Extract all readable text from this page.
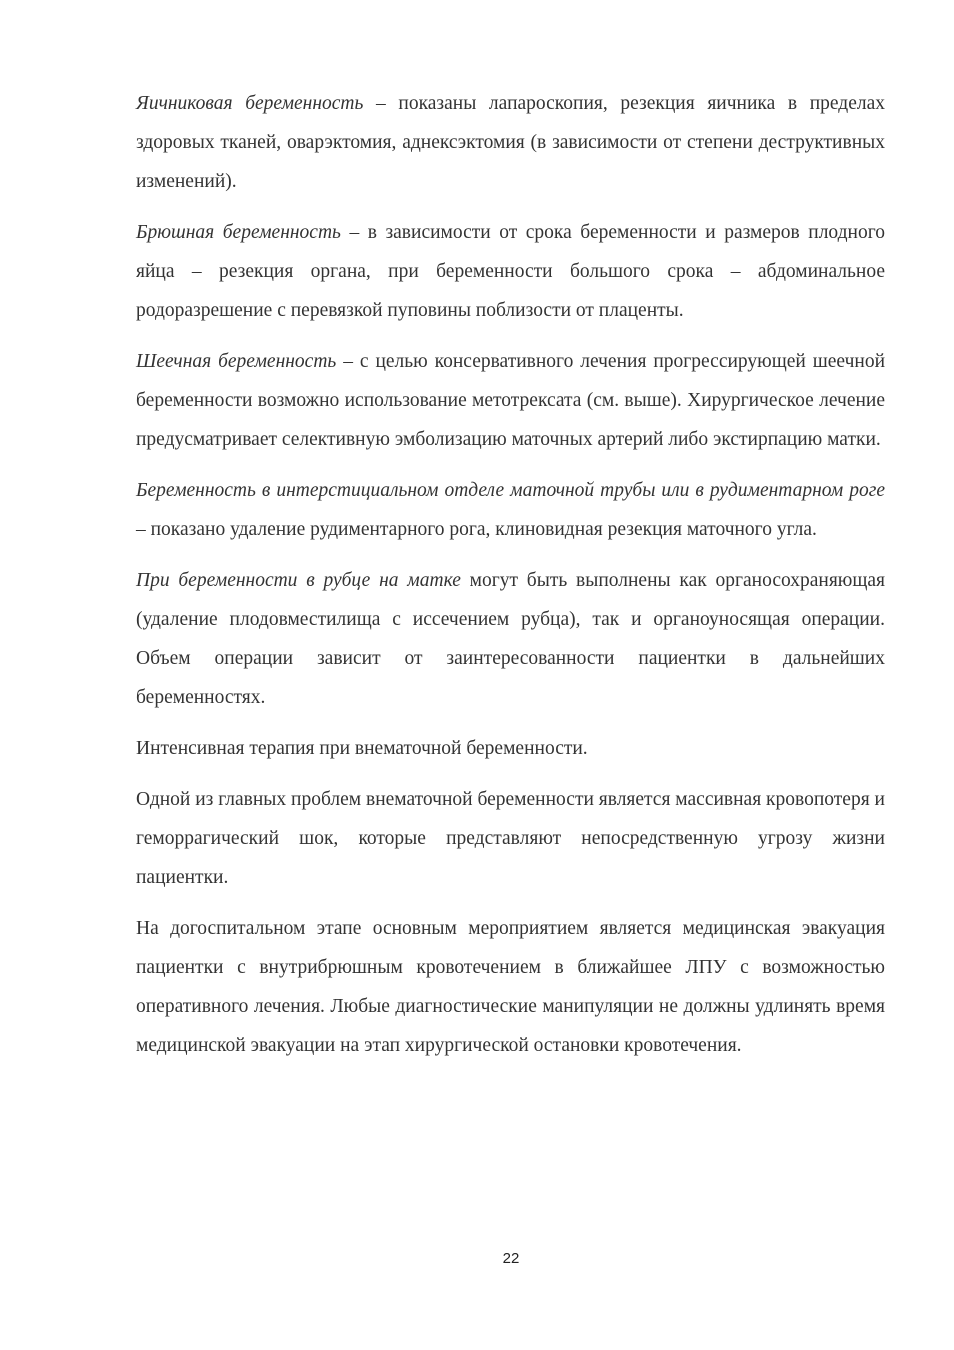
Яичниковая беременность – показаны лапароскопия, резекция яичника в пределах здоровых тканей, оварэктомия, аднексэктомия (в зависимости от степени деструктивных изменений).

Брюшная беременность – в зависимости от срока беременности и размеров плодного яйца – резекция органа, при беременности большого срока – абдоминальное родоразрешение с перевязкой пуповины поблизости от плаценты.

Шеечная беременность – с целью консервативного лечения прогрессирующей шеечной беременности возможно использование метотрексата (см. выше). Хирургическое лечение предусматривает селективную эмболизацию маточных артерий либо экстирпацию матки.

Беременность в интерстициальном отделе маточной трубы или в рудиментарном роге – показано удаление рудиментарного рога, клиновидная резекция маточного угла.

При беременности в рубце на матке могут быть выполнены как органосохраняющая (удаление плодовместилища с иссечением рубца), так и органоуносящая операции. Объем операции зависит от заинтересованности пациентки в дальнейших беременностях.

Интенсивная терапия при внематочной беременности.

Одной из главных проблем внематочной беременности является массивная кровопотеря и геморрагический шок, которые представляют непосредственную угрозу жизни пациентки.

На догоспитальном этапе основным мероприятием является медицинская эвакуация пациентки с внутрибрюшным кровотечением в ближайшее ЛПУ с возможностью оперативного лечения. Любые диагностические манипуляции не должны удлинять время медицинской эвакуации на этап хирургической остановки кровотечения.

22
